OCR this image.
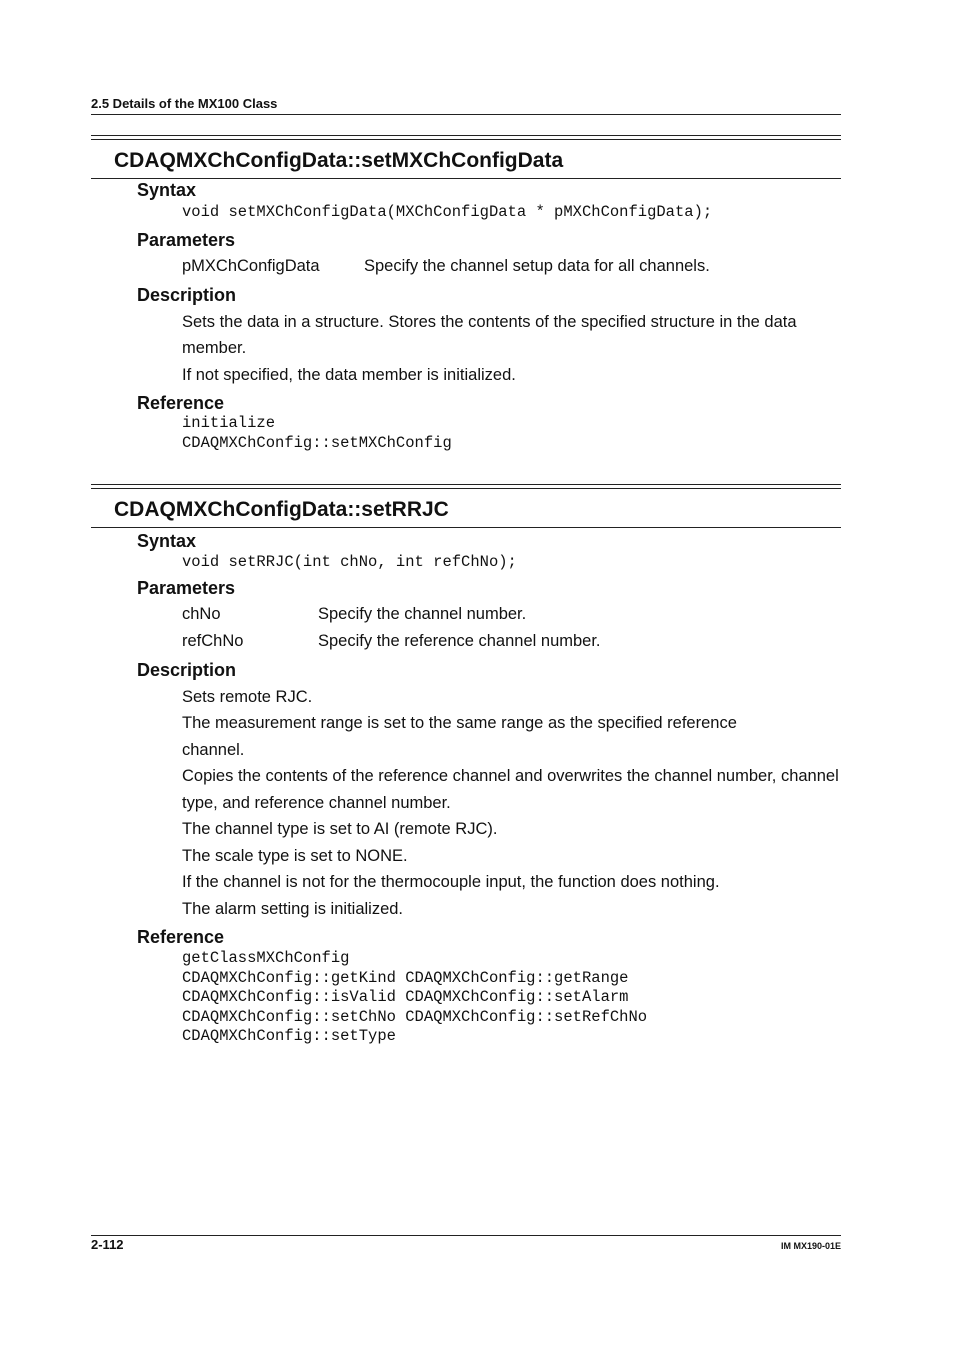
2.5 Details of the MX100 Class
CDAQMXChConfigData::setMXChConfigData
Syntax
void setMXChConfigData(MXChConfigData * pMXChConfigData);
Parameters
pMXChConfigData	Specify the channel setup data for all channels.
Description
Sets the data in a structure. Stores the contents of the specified structure in the data member.
If not specified, the data member is initialized.
Reference
initialize
CDAQMXChConfig::setMXChConfig
CDAQMXChConfigData::setRRJC
Syntax
void setRRJC(int chNo, int refChNo);
Parameters
chNo	Specify the channel number.
refChNo	Specify the reference channel number.
Description
Sets remote RJC.
The measurement range is set to the same range as the specified reference channel.
Copies the contents of the reference channel and overwrites the channel number, channel type, and reference channel number.
The channel type is set to AI (remote RJC).
The scale type is set to NONE.
If the channel is not for the thermocouple input, the function does nothing.
The alarm setting is initialized.
Reference
getClassMXChConfig
CDAQMXChConfig::getKind CDAQMXChConfig::getRange
CDAQMXChConfig::isValid CDAQMXChConfig::setAlarm
CDAQMXChConfig::setChNo CDAQMXChConfig::setRefChNo
CDAQMXChConfig::setType
2-112	IM MX190-01E
